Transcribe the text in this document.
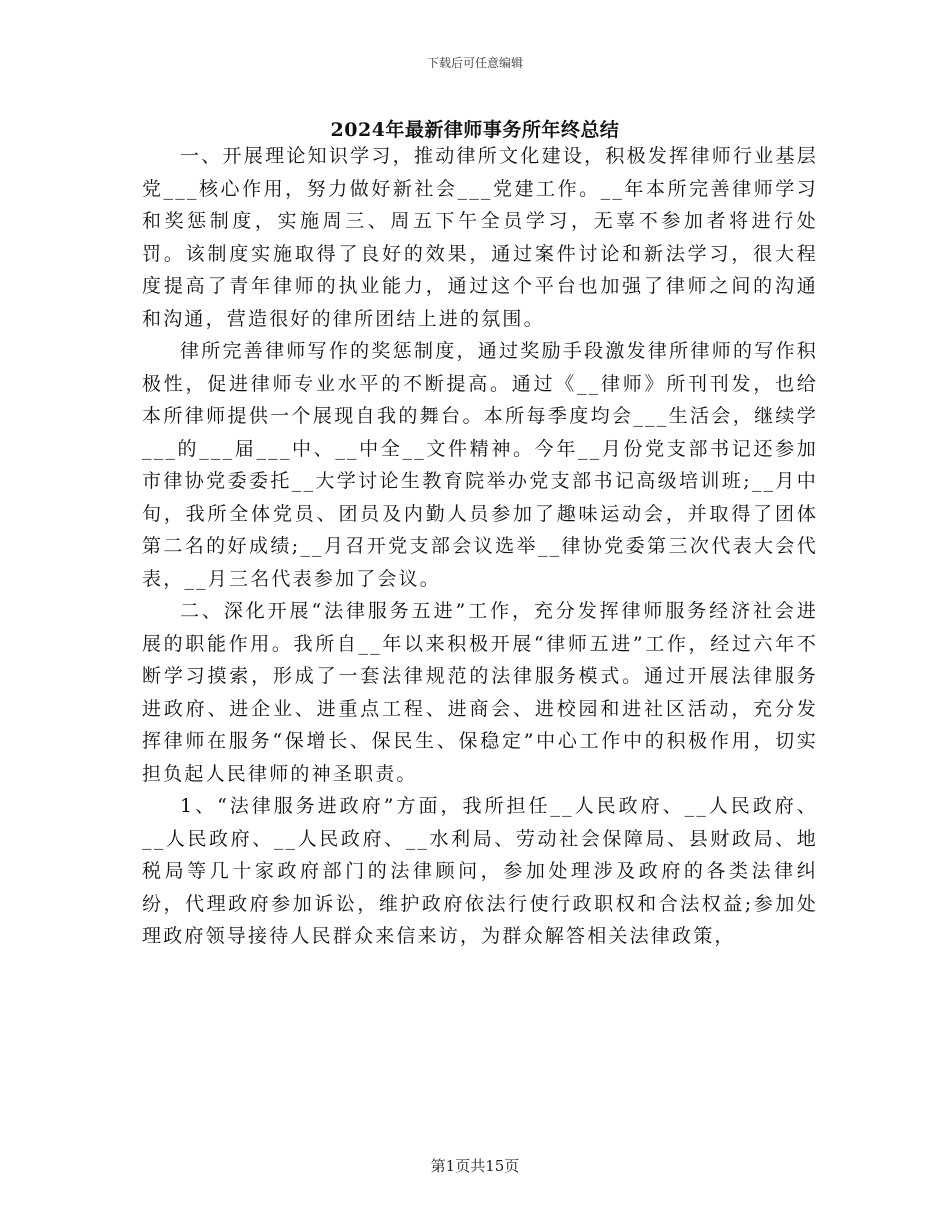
下载后可任意编辑
2024年最新律师事务所年终总结

一、开展理论知识学习，推动律所文化建设，积极发挥律师行业基层党___核心作用，努力做好新社会___党建工作。__年本所完善律师学习和奖惩制度，实施周三、周五下午全员学习，无辜不参加者将进行处罚。该制度实施取得了良好的效果，通过案件讨论和新法学习，很大程度提高了青年律师的执业能力，通过这个平台也加强了律师之间的沟通和沟通，营造很好的律所团结上进的氛围。

律所完善律师写作的奖惩制度，通过奖励手段激发律所律师的写作积极性，促进律师专业水平的不断提高。通过《__律师》所刊刊发，也给本所律师提供一个展现自我的舞台。本所每季度均会___生活会，继续学___的___届___中、__中全__文件精神。今年__月份党支部书记还参加市律协党委委托__大学讨论生教育院举办党支部书记高级培训班;__月中旬，我所全体党员、团员及内勤人员参加了趣味运动会，并取得了团体第二名的好成绩;__月召开党支部会议选举__律协党委第三次代表大会代表，__月三名代表参加了会议。

二、深化开展“法律服务五进”工作，充分发挥律师服务经济社会进展的职能作用。我所自__年以来积极开展“律师五进”工作，经过六年不断学习摸索，形成了一套法律规范的法律服务模式。通过开展法律服务进政府、进企业、进重点工程、进商会、进校园和进社区活动，充分发挥律师在服务“保增长、保民生、保稳定”中心工作中的积极作用，切实担负起人民律师的神圣职责。

1、“法律服务进政府”方面，我所担任__人民政府、__人民政府、__人民政府、__人民政府、__水利局、劳动社会保障局、县财政局、地税局等几十家政府部门的法律顾问，参加处理涉及政府的各类法律纠纷，代理政府参加诉讼，维护政府依法行使行政职权和合法权益;参加处理政府领导接待人民群众来信来访，为群众解答相关法律政策，

第1页共15页
